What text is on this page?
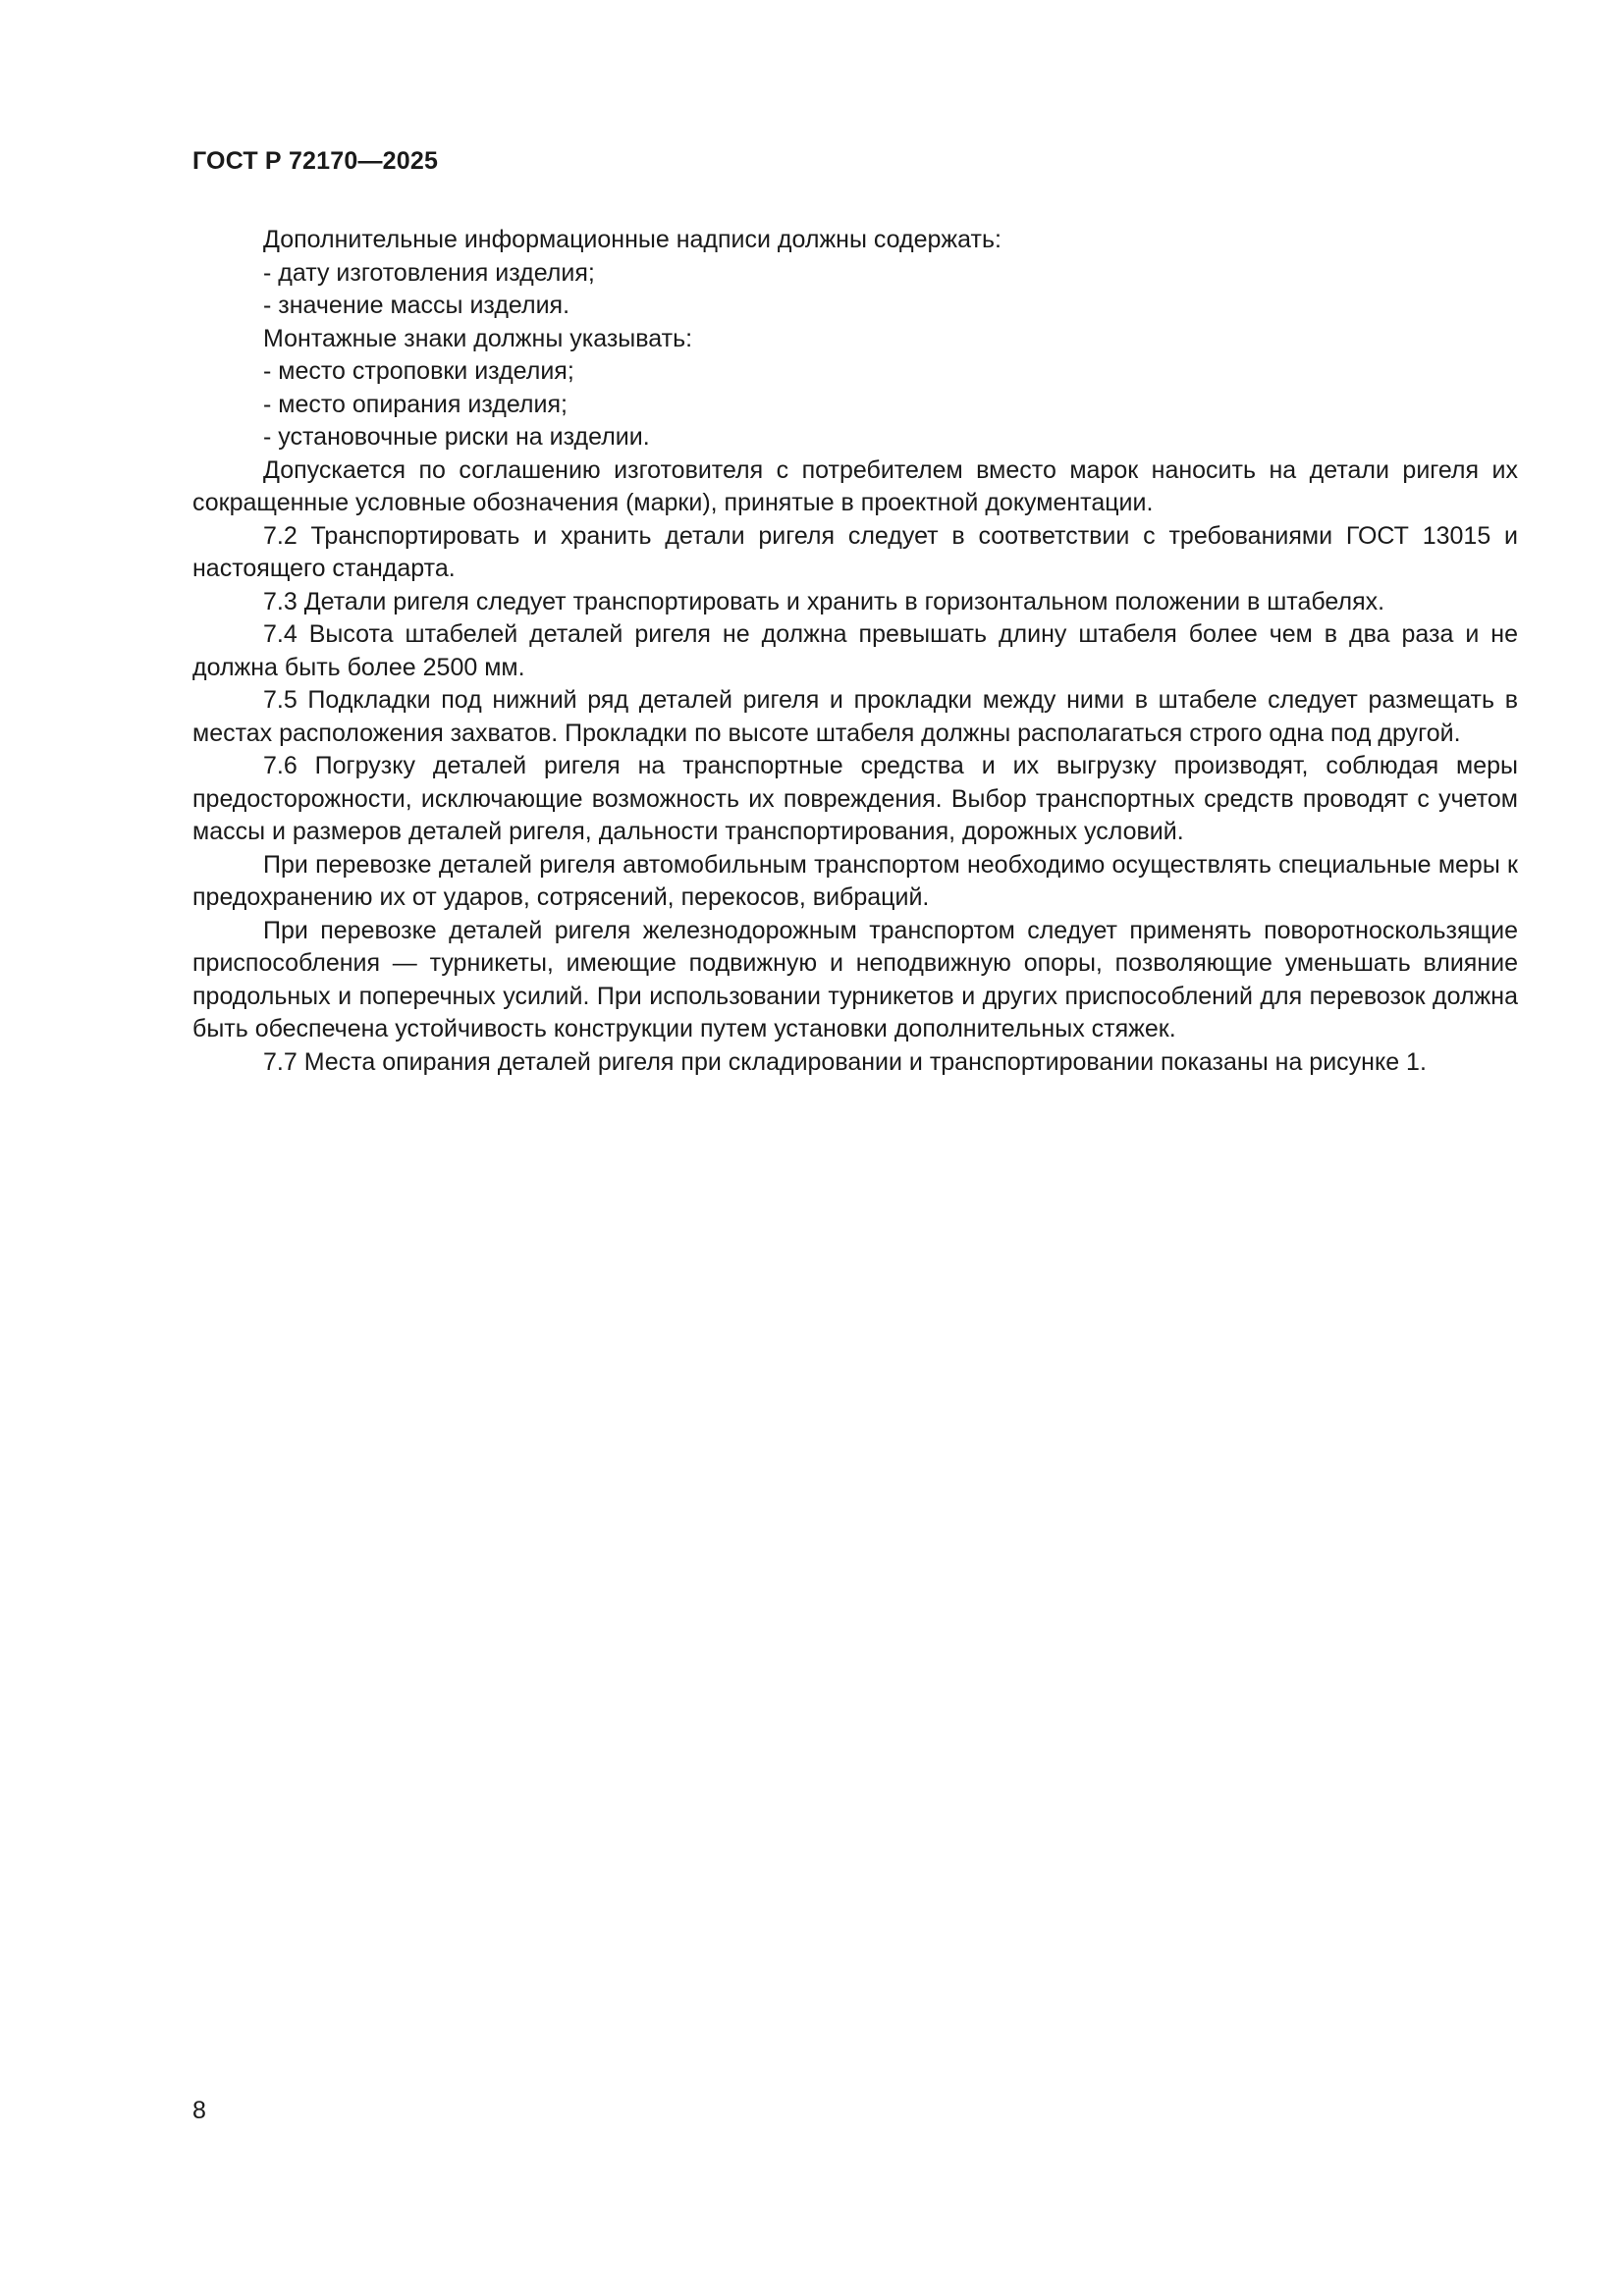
ГОСТ Р 72170—2025

Дополнительные информационные надписи должны содержать:

- дату изготовления изделия;

- значение массы изделия.

Монтажные знаки должны указывать:

- место строповки изделия;

- место опирания изделия;

- установочные риски на изделии.

Допускается по соглашению изготовителя с потребителем вместо марок наносить на детали ригеля их сокращенные условные обозначения (марки), принятые в проектной документации.

7.2 Транспортировать и хранить детали ригеля следует в соответствии с требованиями ГОСТ 13015 и настоящего стандарта.

7.3 Детали ригеля следует транспортировать и хранить в горизонтальном положении в штабелях.

7.4 Высота штабелей деталей ригеля не должна превышать длину штабеля более чем в два раза и не должна быть более 2500 мм.

7.5 Подкладки под нижний ряд деталей ригеля и прокладки между ними в штабеле следует размещать в местах расположения захватов. Прокладки по высоте штабеля должны располагаться строго одна под другой.

7.6 Погрузку деталей ригеля на транспортные средства и их выгрузку производят, соблюдая меры предосторожности, исключающие возможность их повреждения. Выбор транспортных средств проводят с учетом массы и размеров деталей ригеля, дальности транспортирования, дорожных условий.

При перевозке деталей ригеля автомобильным транспортом необходимо осуществлять специальные меры к предохранению их от ударов, сотрясений, перекосов, вибраций.

При перевозке деталей ригеля железнодорожным транспортом следует применять поворотноскользящие приспособления — турникеты, имеющие подвижную и неподвижную опоры, позволяющие уменьшать влияние продольных и поперечных усилий. При использовании турникетов и других приспособлений для перевозок должна быть обеспечена устойчивость конструкции путем установки дополнительных стяжек.

7.7 Места опирания деталей ригеля при складировании и транспортировании показаны на рисунке 1.

8
